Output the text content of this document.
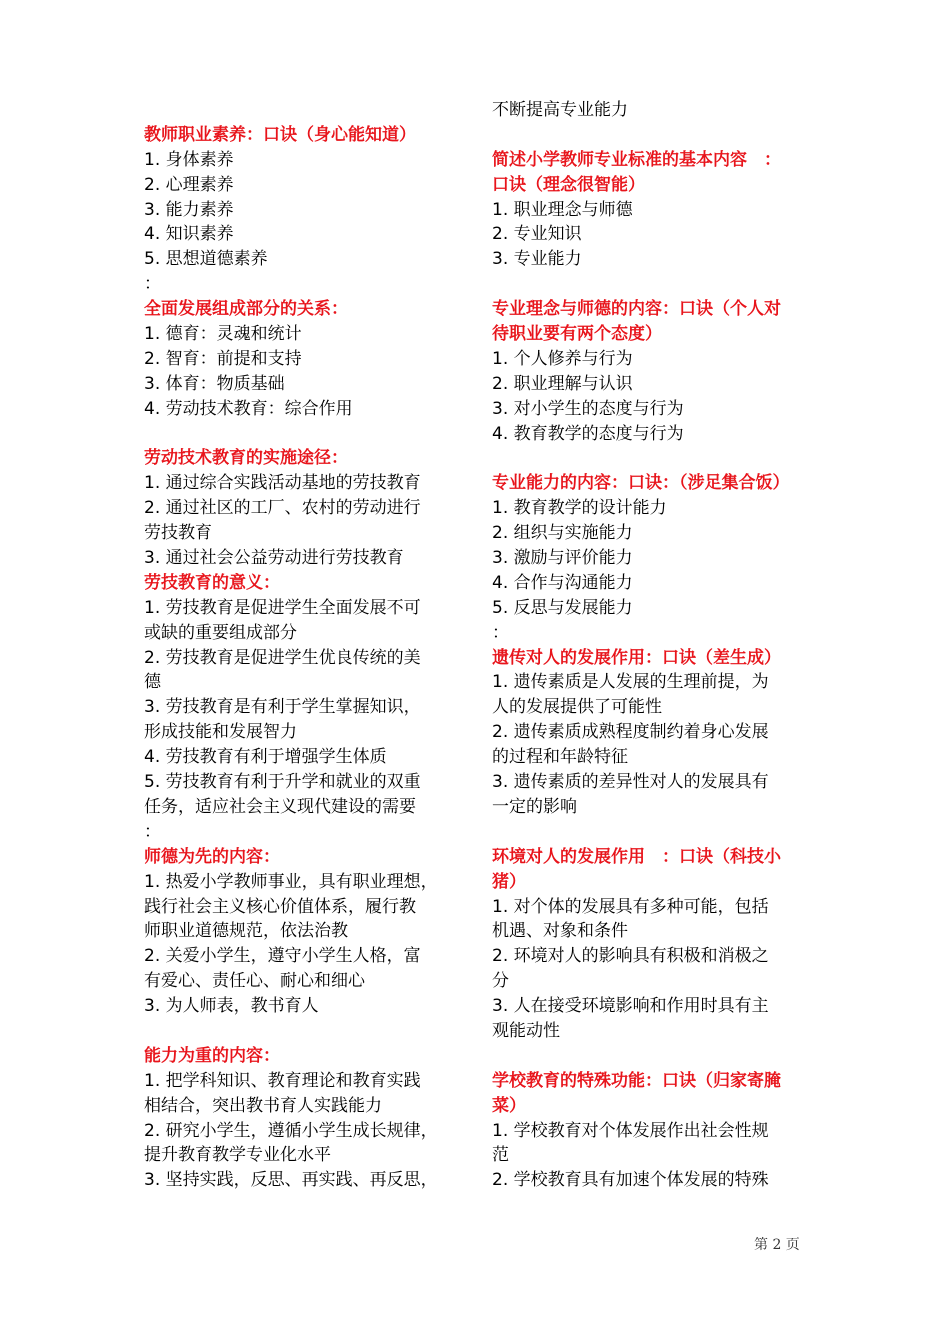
教师职业素养：口诀（身心能知道）
1. 身体素养
2. 心理素养
3. 能力素养
4. 知识素养
5. 思想道德素养
：
全面发展组成部分的关系：
1. 德育：灵魂和统计
2. 智育：前提和支持
3. 体育：物质基础
4. 劳动技术教育：综合作用
劳动技术教育的实施途径：
1. 通过综合实践活动基地的劳技教育
2. 通过社区的工厂、农村的劳动进行
劳技教育
3. 通过社会公益劳动进行劳技教育
劳技教育的意义：
1. 劳技教育是促进学生全面发展不可
或缺的重要组成部分
2. 劳技教育是促进学生优良传统的美
德
3. 劳技教育是有利于学生掌握知识，
形成技能和发展智力
4. 劳技教育有利于增强学生体质
5. 劳技教育有利于升学和就业的双重
任务，适应社会主义现代建设的需要
：
师德为先的内容：
1. 热爱小学教师事业，具有职业理想，
践行社会主义核心价值体系，履行教
师职业道德规范，依法治教
2. 关爱小学生，遵守小学生人格，富
有爱心、责任心、耐心和细心
3. 为人师表，教书育人
能力为重的内容：
1. 把学科知识、教育理论和教育实践
相结合，突出教书育人实践能力
2. 研究小学生，遵循小学生成长规律，
提升教育教学专业化水平
3. 坚持实践，反思、再实践、再反思，
不断提高专业能力
简述小学教师专业标准的基本内容　：
口诀（理念很智能）
1. 职业理念与师德
2. 专业知识
3. 专业能力
专业理念与师德的内容：口诀（个人对
待职业要有两个态度）
1. 个人修养与行为
2. 职业理解与认识
3. 对小学生的态度与行为
4. 教育教学的态度与行为
专业能力的内容：口诀：（涉足集合饭）
1. 教育教学的设计能力
2. 组织与实施能力
3. 激励与评价能力
4. 合作与沟通能力
5. 反思与发展能力
：
遗传对人的发展作用：口诀（差生成）
1. 遗传素质是人发展的生理前提，为
人的发展提供了可能性
2. 遗传素质成熟程度制约着身心发展
的过程和年龄特征
3. 遗传素质的差异性对人的发展具有
一定的影响
环境对人的发展作用　：口诀（科技小
猪）
1. 对个体的发展具有多种可能，包括
机遇、对象和条件
2. 环境对人的影响具有积极和消极之
分
3. 人在接受环境影响和作用时具有主
观能动性
学校教育的特殊功能：口诀（归家寄腌
菜）
1. 学校教育对个体发展作出社会性规
范
2. 学校教育具有加速个体发展的特殊
第 2 页
